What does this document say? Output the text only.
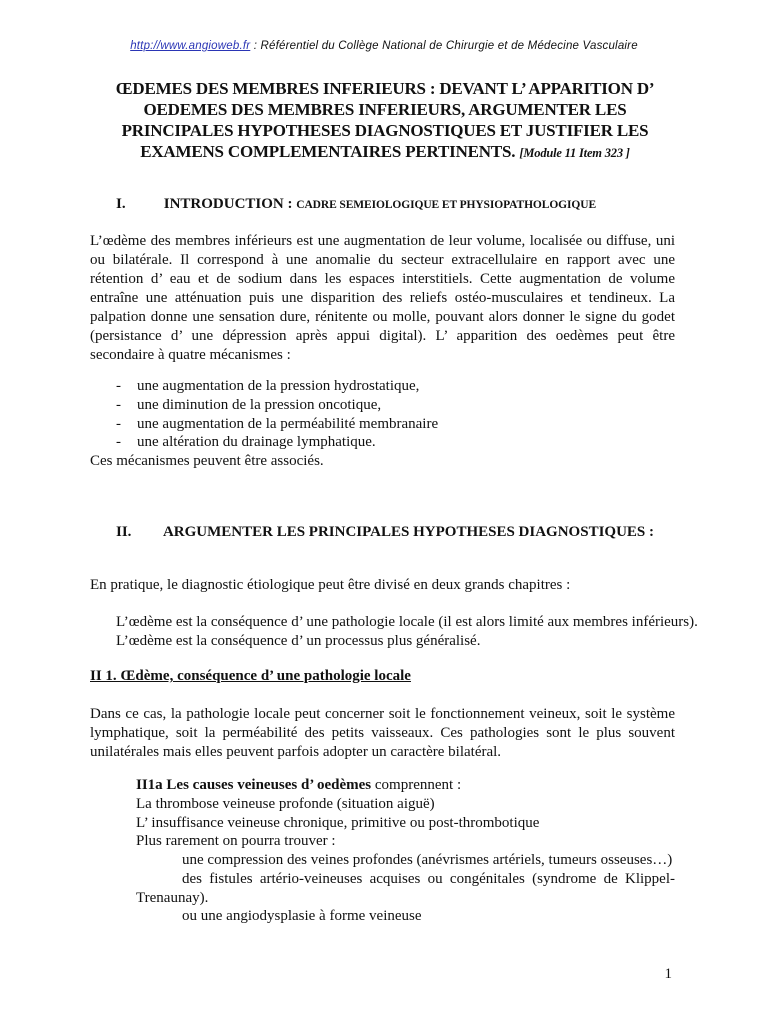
http://www.angioweb.fr : Référentiel du Collège National de Chirurgie et de Médecine Vasculaire
ŒDEMES DES MEMBRES INFERIEURS : DEVANT L’ APPARITION D’ OEDEMES DES MEMBRES INFERIEURS, ARGUMENTER LES PRINCIPALES HYPOTHESES DIAGNOSTIQUES ET JUSTIFIER LES EXAMENS COMPLEMENTAIRES PERTINENTS. [Module 11 Item 323 ]
I.	INTRODUCTION : CADRE SEMEIOLOGIQUE ET PHYSIOPATHOLOGIQUE
L’œdème des membres inférieurs est une augmentation de leur volume, localisée ou diffuse, uni ou bilatérale. Il correspond à une anomalie du secteur extracellulaire en rapport avec une rétention d’ eau et de sodium dans les espaces interstitiels. Cette augmentation de volume entraîne une atténuation puis une disparition des reliefs ostéo-musculaires et tendineux. La palpation donne une sensation dure, rénitente ou molle, pouvant alors donner le signe du godet (persistance d’ une dépression après appui digital). L’ apparition des oedèmes peut être secondaire à quatre mécanismes :
- une augmentation de la pression hydrostatique,
- une diminution de la pression oncotique,
- une augmentation de la perméabilité membranaire
- une altération du drainage lymphatique.
Ces mécanismes peuvent être associés.
II. ARGUMENTER LES PRINCIPALES HYPOTHESES DIAGNOSTIQUES :
En pratique, le diagnostic étiologique peut être divisé en deux grands chapitres :
L’œdème est la conséquence d’ une pathologie locale (il est alors limité aux membres inférieurs).
L’œdème est la conséquence d’ un processus plus généralisé.
II 1. Œdème, conséquence d’ une pathologie locale
Dans ce cas, la pathologie locale peut concerner soit le fonctionnement veineux, soit le système lymphatique, soit la perméabilité des petits vaisseaux. Ces pathologies sont le plus souvent unilatérales mais elles peuvent parfois adopter un caractère bilatéral.
II1a Les causes veineuses d’ oedèmes comprennent :
La thrombose veineuse profonde (situation aiguë)
L’ insuffisance veineuse chronique, primitive ou post-thrombotique
Plus rarement on pourra trouver :
une compression des veines profondes (anévrismes artériels, tumeurs osseuses…)
des fistules artério-veineuses acquises ou congénitales (syndrome de Klippel-Trenaunay).
ou une angiodysplasie à forme veineuse
1
